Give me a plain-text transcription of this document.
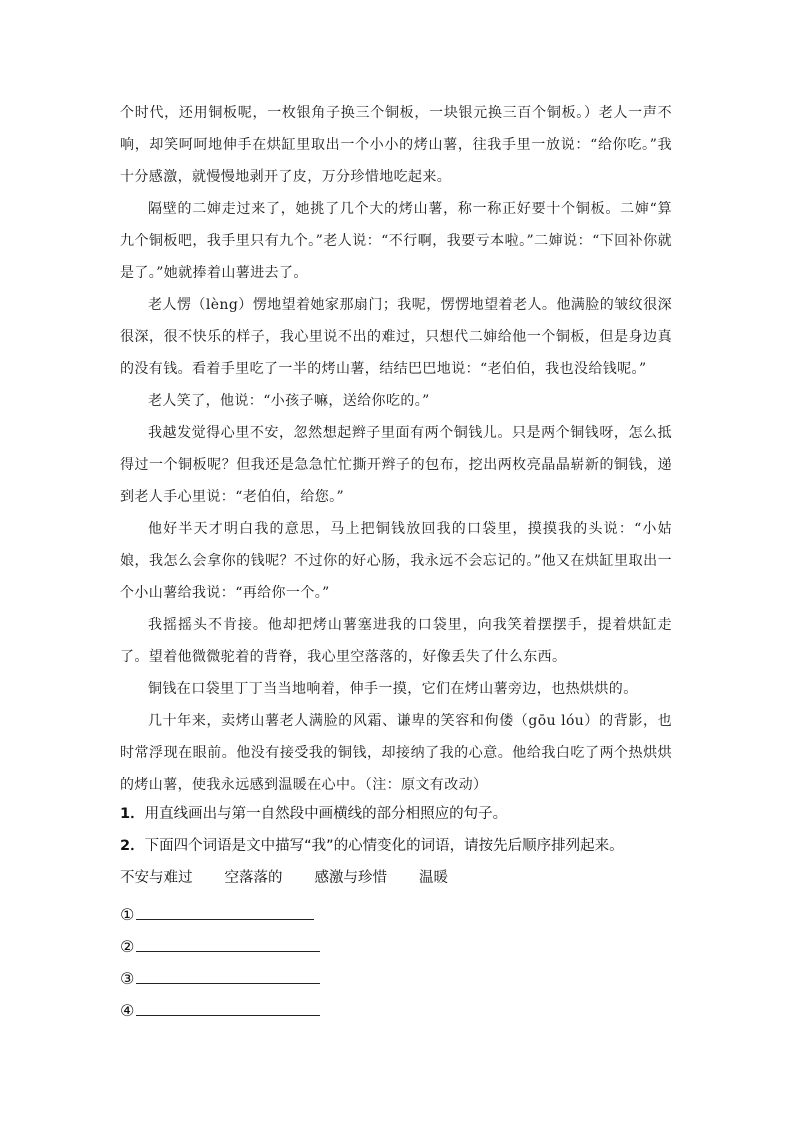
个时代，还用铜板呢，一枚银角子换三个铜板，一块银元换三百个铜板。）老人一声不响，却笑呵呵地伸手在烘缸里取出一个小小的烤山薯，往我手里一放说：“给你吃。”我十分感激，就慢慢地剥开了皮，万分珍惜地吃起来。

隔壁的二婶走过来了，她挑了几个大的烤山薯，称一称正好要十个铜板。二婶“算九个铜板吧，我手里只有九个。”老人说：“不行啊，我要亏本啦。”二婶说：“下回补你就是了。”她就捧着山薯进去了。

老人愣（lèng）愣地望着她家那扇门；我呢，愣愣地望着老人。他满脸的皱纹很深很深，很不快乐的样子，我心里说不出的难过，只想代二婶给他一个铜板，但是身边真的没有钱。看着手里吃了一半的烤山薯，结结巴巴地说：“老伯伯，我也没给钱呢。”

老人笑了，他说：“小孩子嘛，送给你吃的。”

我越发觉得心里不安，忽然想起辫子里面有两个铜钱儿。只是两个铜钱呀，怎么抵得过一个铜板呢？但我还是急急忙忙撕开辫子的包布，挖出两枚亮晶晶崭新的铜钱，递到老人手心里说：“老伯伯，给您。”

他好半天才明白我的意思，马上把铜钱放回我的口袋里，摸摸我的头说：“小姑娘，我怎么会拿你的钱呢？不过你的好心肠，我永远不会忘记的。”他又在烘缸里取出一个小山薯给我说：“再给你一个。”

我摇摇头不肯接。他却把烤山薯塞进我的口袋里，向我笑着摆摆手，提着烘缸走了。望着他微微驼着的背脊，我心里空落落的，好像丢失了什么东西。

铜钱在口袋里丁丁当当地响着，伸手一摸，它们在烤山薯旁边，也热烘烘的。

几十年来，卖烤山薯老人满脸的风霜、谦卑的笑容和佝偻（gōu lóu）的背影，也时常浮现在眼前。他没有接受我的铜钱，却接纳了我的心意。他给我白吃了两个热烘烘的烤山薯，使我永远感到温暖在心中。（注：原文有改动）

1．用直线画出与第一自然段中画横线的部分相照应的句子。

2．下面四个词语是文中描写“我”的心情变化的词语，请按先后顺序排列起来。

不安与难过 空落落的 感激与珍惜 温暖
①
②
③
④
